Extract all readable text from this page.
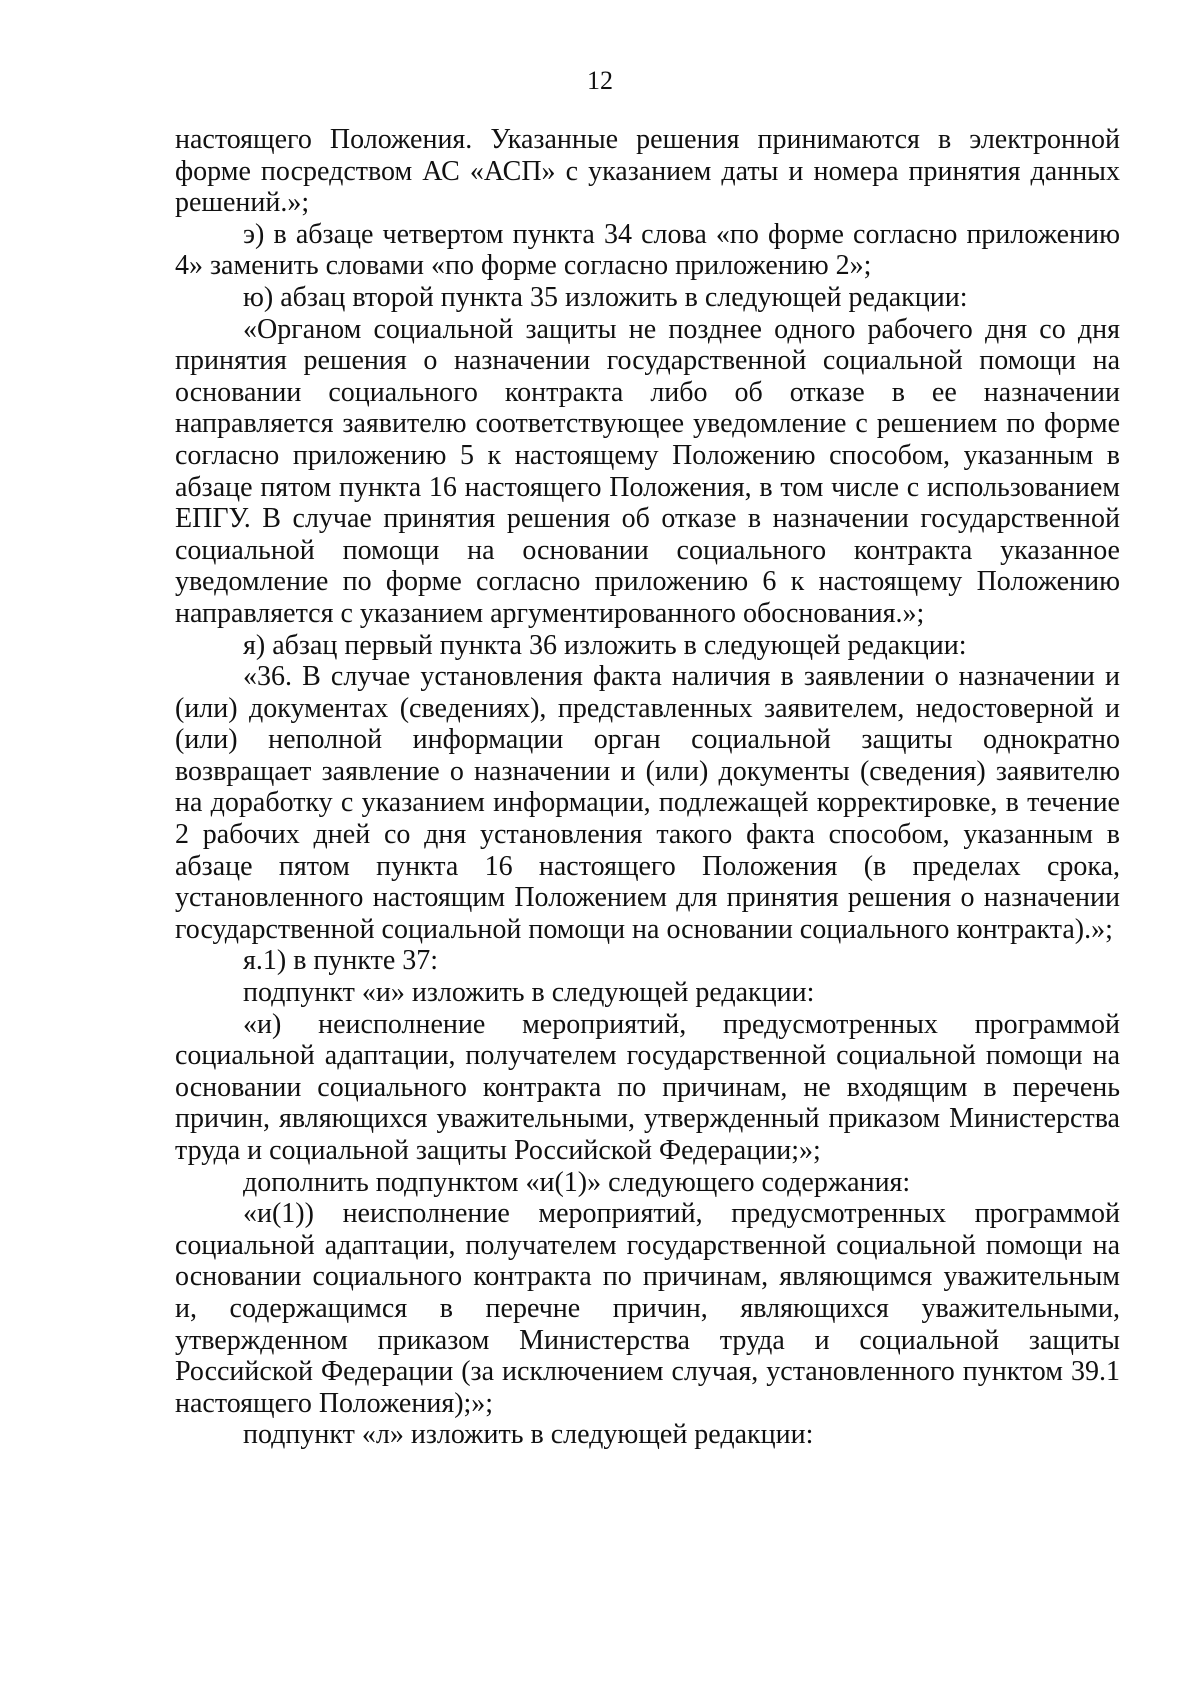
12

настоящего Положения. Указанные решения принимаются в электронной форме посредством АС «АСП» с указанием даты и номера принятия данных решений.»;

э) в абзаце четвертом пункта 34 слова «по форме согласно приложению 4» заменить словами «по форме согласно приложению 2»;

ю) абзац второй пункта 35 изложить в следующей редакции:

«Органом социальной защиты не позднее одного рабочего дня со дня принятия решения о назначении государственной социальной помощи на основании социального контракта либо об отказе в ее назначении направляется заявителю соответствующее уведомление с решением по форме согласно приложению 5 к настоящему Положению способом, указанным в абзаце пятом пункта 16 настоящего Положения, в том числе с использованием ЕПГУ. В случае принятия решения об отказе в назначении государственной социальной помощи на основании социального контракта указанное уведомление по форме согласно приложению 6 к настоящему Положению направляется с указанием аргументированного обоснования.»;

я) абзац первый пункта 36 изложить в следующей редакции:

«36. В случае установления факта наличия в заявлении о назначении и (или) документах (сведениях), представленных заявителем, недостоверной и (или) неполной информации орган социальной защиты однократно возвращает заявление о назначении и (или) документы (сведения) заявителю на доработку с указанием информации, подлежащей корректировке, в течение 2 рабочих дней со дня установления такого факта способом, указанным в абзаце пятом пункта 16 настоящего Положения (в пределах срока, установленного настоящим Положением для принятия решения о назначении государственной социальной помощи на основании социального контракта).»;

я.1) в пункте 37:

подпункт «и» изложить в следующей редакции:

«и) неисполнение мероприятий, предусмотренных программой социальной адаптации, получателем государственной социальной помощи на основании социального контракта по причинам, не входящим в перечень причин, являющихся уважительными, утвержденный приказом Министерства труда и социальной защиты Российской Федерации;»;

дополнить подпунктом «и(1)» следующего содержания:

«и(1)) неисполнение мероприятий, предусмотренных программой социальной адаптации, получателем государственной социальной помощи на основании социального контракта по причинам, являющимся уважительным и, содержащимся в перечне причин, являющихся уважительными, утвержденном приказом Министерства труда и социальной защиты Российской Федерации (за исключением случая, установленного пунктом 39.1 настоящего Положения);»;

подпункт «л» изложить в следующей редакции:
